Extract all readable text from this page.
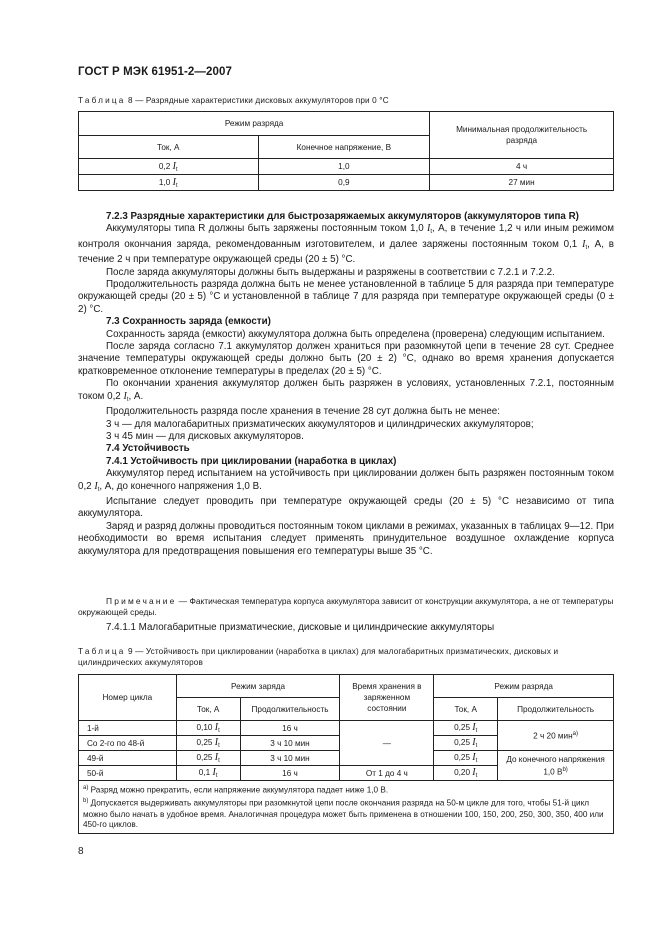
ГОСТ Р МЭК 61951-2—2007
Таблица 8 — Разрядные характеристики дисковых аккумуляторов при 0 °C
Режим разряда		Минимальная продолжительность разряда
Ток, А	Конечное напряжение, В	
0,2 $I_t$	1,0	4 ч
1,0 $I_t$	0,9	27 мин

7.2.3 Разрядные характеристики для быстрозаряжаемых аккумуляторов (аккумуляторов типа R)

Аккумуляторы типа R должны быть заряжены постоянным током 1,0 $I_t$, А, в течение 1,2 ч или иным режимом контроля окончания заряда, рекомендованным изготовителем, и далее заряжены постоянным током 0,1 $I_t$, А, в течение 2 ч при температуре окружающей среды (20 ± 5) °C.

После заряда аккумуляторы должны быть выдержаны и разряжены в соответствии с 7.2.1 и 7.2.2.

Продолжительность разряда должна быть не менее установленной в таблице 5 для разряда при температуре окружающей среды (20 ± 5) °C и установленной в таблице 7 для разряда при температуре окружающей среды (0 ± 2) °C.

7.3 Сохранность заряда (емкости)

Сохранность заряда (емкости) аккумулятора должна быть определена (проверена) следующим испытанием.

После заряда согласно 7.1 аккумулятор должен храниться при разомкнутой цепи в течение 28 сут. Среднее значение температуры окружающей среды должно быть (20 ± 2) °C, однако во время хранения допускается кратковременное отклонение температуры в пределах (20 ± 5) °C.

По окончании хранения аккумулятор должен быть разряжен в условиях, установленных 7.2.1, постоянным током 0,2 $I_t$, А.

Продолжительность разряда после хранения в течение 28 сут должна быть не менее:

3 ч — для малогабаритных призматических аккумуляторов и цилиндрических аккумуляторов;

3 ч 45 мин — для дисковых аккумуляторов.

7.4 Устойчивость

7.4.1 Устойчивость при циклировании (наработка в циклах)

Аккумулятор перед испытанием на устойчивость при циклировании должен быть разряжен постоянным током 0,2 $I_t$, А, до конечного напряжения 1,0 В.

Испытание следует проводить при температуре окружающей среды (20 ± 5) °C независимо от типа аккумулятора.

Заряд и разряд должны проводиться постоянным током циклами в режимах, указанных в таблицах 9—12. При необходимости во время испытания следует применять принудительное воздушное охлаждение корпуса аккумулятора для предотвращения повышения его температуры выше 35 °C.

Примечание — Фактическая температура корпуса аккумулятора зависит от конструкции аккумулятора, а не от температуры окружающей среды.

7.4.1.1 Малогабаритные призматические, дисковые и цилиндрические аккумуляторы

Таблица 9 — Устойчивость при циклировании (наработка в циклах) для малогабаритных призматических, дисковых и цилиндрических аккумуляторов
Номер цикла	Режим заряда		Время хранения в заряженном состоянии	Режим разряда	
	Ток, А	Продолжительность		Ток, А	Продолжительность
1-й	0,10 $I_t$	16 ч	—	0,25 $I_t$	2 ч 20 мин$^{а)}$
Со 2-го по 48-й	0,25 $I_t$	3 ч 10 мин		0,25 $I_t$
49-й	0,25 $I_t$	3 ч 10 мин		0,25 $I_t$	До конечного напряжения 1,0 $В^{b)}$
50-й	0,1 $I_t$	16 ч	От 1 до 4 ч	0,20 $I_t$

$^{а)}$ Разряд можно прекратить, если напряжение аккумулятора падает ниже 1,0 В.

$^{b)}$ Допускается выдерживать аккумуляторы при разомкнутой цепи после окончания разряда на 50-м цикле для того, чтобы 51-й цикл можно было начать в удобное время. Аналогичная процедура может быть применена в отношении 100, 150, 200, 250, 300, 350, 400 или 450-го циклов.					

8
